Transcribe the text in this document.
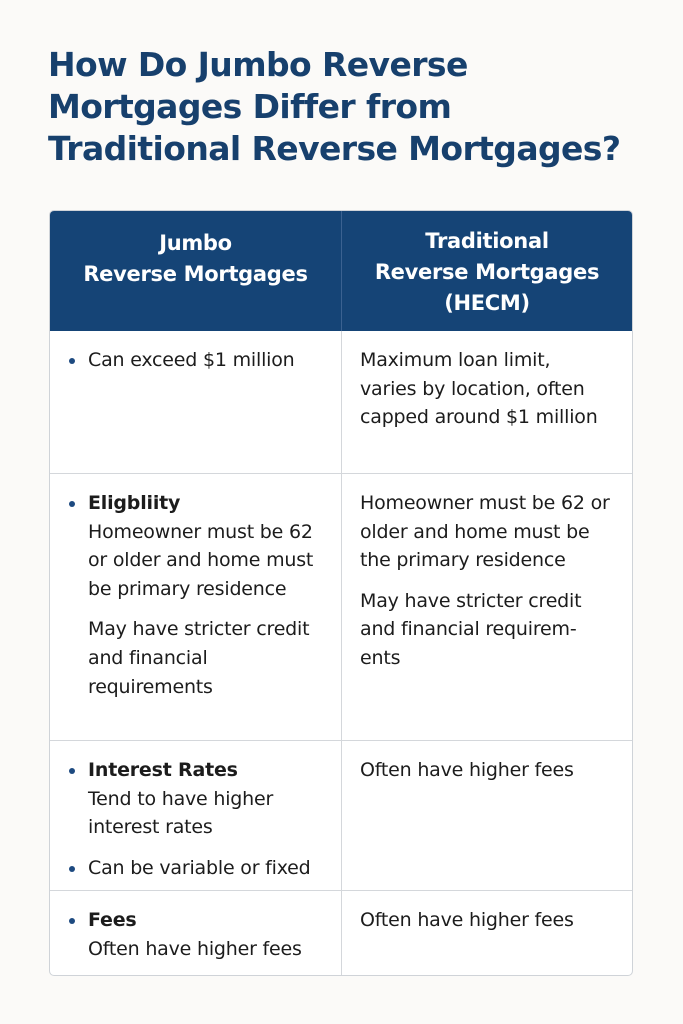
How Do Jumbo Reverse Mortgages Differ from Traditional Reverse Mortgages?
Jumbo
Reverse Mortgages
Traditional
Reverse Mortgages
(HECM)
Can exceed $1 million	Maximum loan limit, varies by location, often capped around $1 million
Eligbliity
Homeowner must be 62 or older and home must be primary residence
May have stricter credit and financial requirements
Homeowner must be 62 or older and home must be the primary residence
May have stricter credit and financial requirem-ents
Interest Rates
Tend to have higher interest rates
Can be variable or fixed
Often have higher fees
Fees
Often have higher fees
Often have higher fees
